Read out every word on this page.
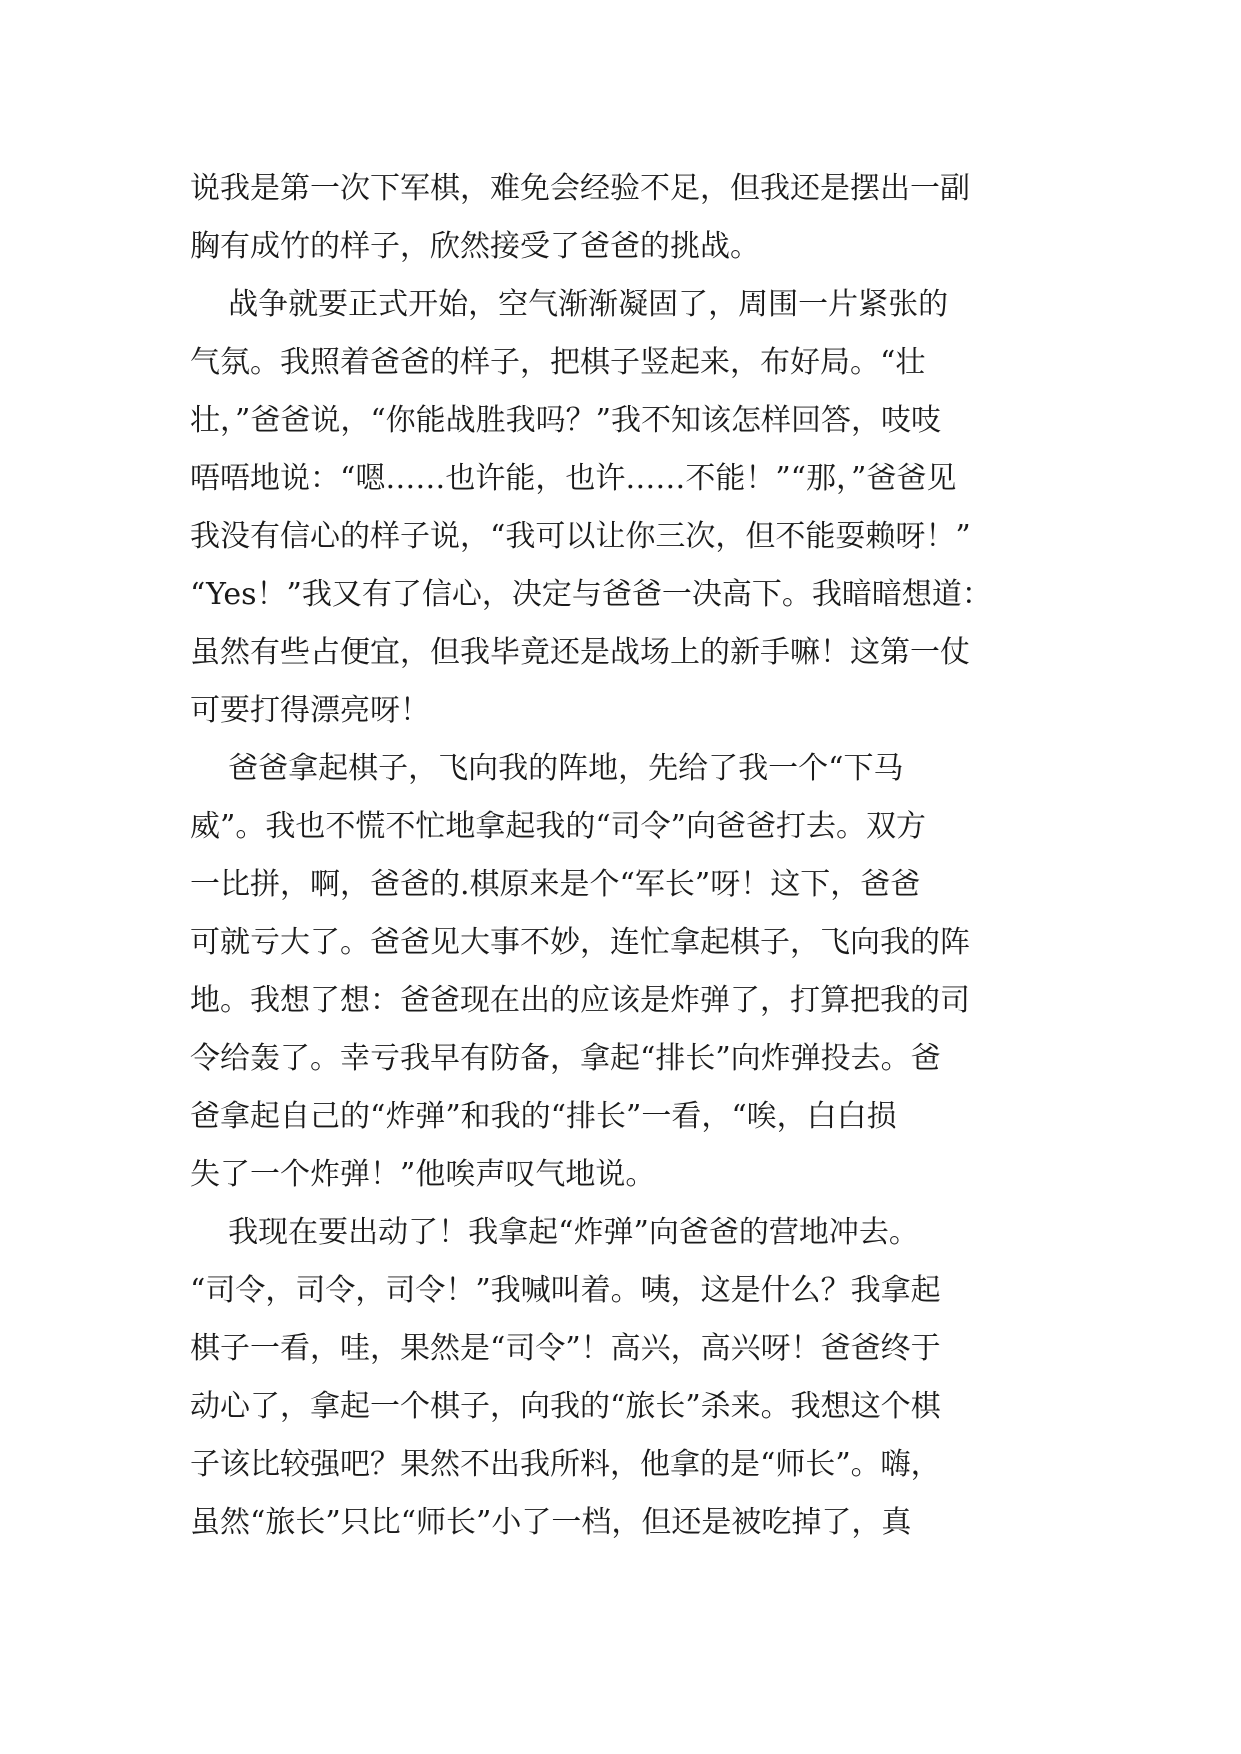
说我是第一次下军棋，难免会经验不足，但我还是摆出一副
胸有成竹的样子，欣然接受了爸爸的挑战。
战争就要正式开始，空气渐渐凝固了，周围一片紧张的
气氛。我照着爸爸的样子，把棋子竖起来，布好局。“壮
壮，”爸爸说，“你能战胜我吗？”我不知该怎样回答，吱吱
唔唔地说：“嗯……也许能，也许……不能！”“那，”爸爸见
我没有信心的样子说，“我可以让你三次，但不能耍赖呀！”
“Yes！”我又有了信心，决定与爸爸一决高下。我暗暗想道：
虽然有些占便宜，但我毕竟还是战场上的新手嘛！这第一仗
可要打得漂亮呀！
爸爸拿起棋子，飞向我的阵地，先给了我一个“下马
威”。我也不慌不忙地拿起我的“司令”向爸爸打去。双方
一比拼，啊，爸爸的.棋原来是个“军长”呀！这下，爸爸
可就亏大了。爸爸见大事不妙，连忙拿起棋子，飞向我的阵
地。我想了想：爸爸现在出的应该是炸弹了，打算把我的司
令给轰了。幸亏我早有防备，拿起“排长”向炸弹投去。爸
爸拿起自己的“炸弹”和我的“排长”一看，“唉，白白损
失了一个炸弹！”他唉声叹气地说。
我现在要出动了！我拿起“炸弹”向爸爸的营地冲去。
“司令，司令，司令！”我喊叫着。咦，这是什么？我拿起
棋子一看，哇，果然是“司令”！高兴，高兴呀！爸爸终于
动心了，拿起一个棋子，向我的“旅长”杀来。我想这个棋
子该比较强吧？果然不出我所料，他拿的是“师长”。嗨，
虽然“旅长”只比“师长”小了一档，但还是被吃掉了，真
